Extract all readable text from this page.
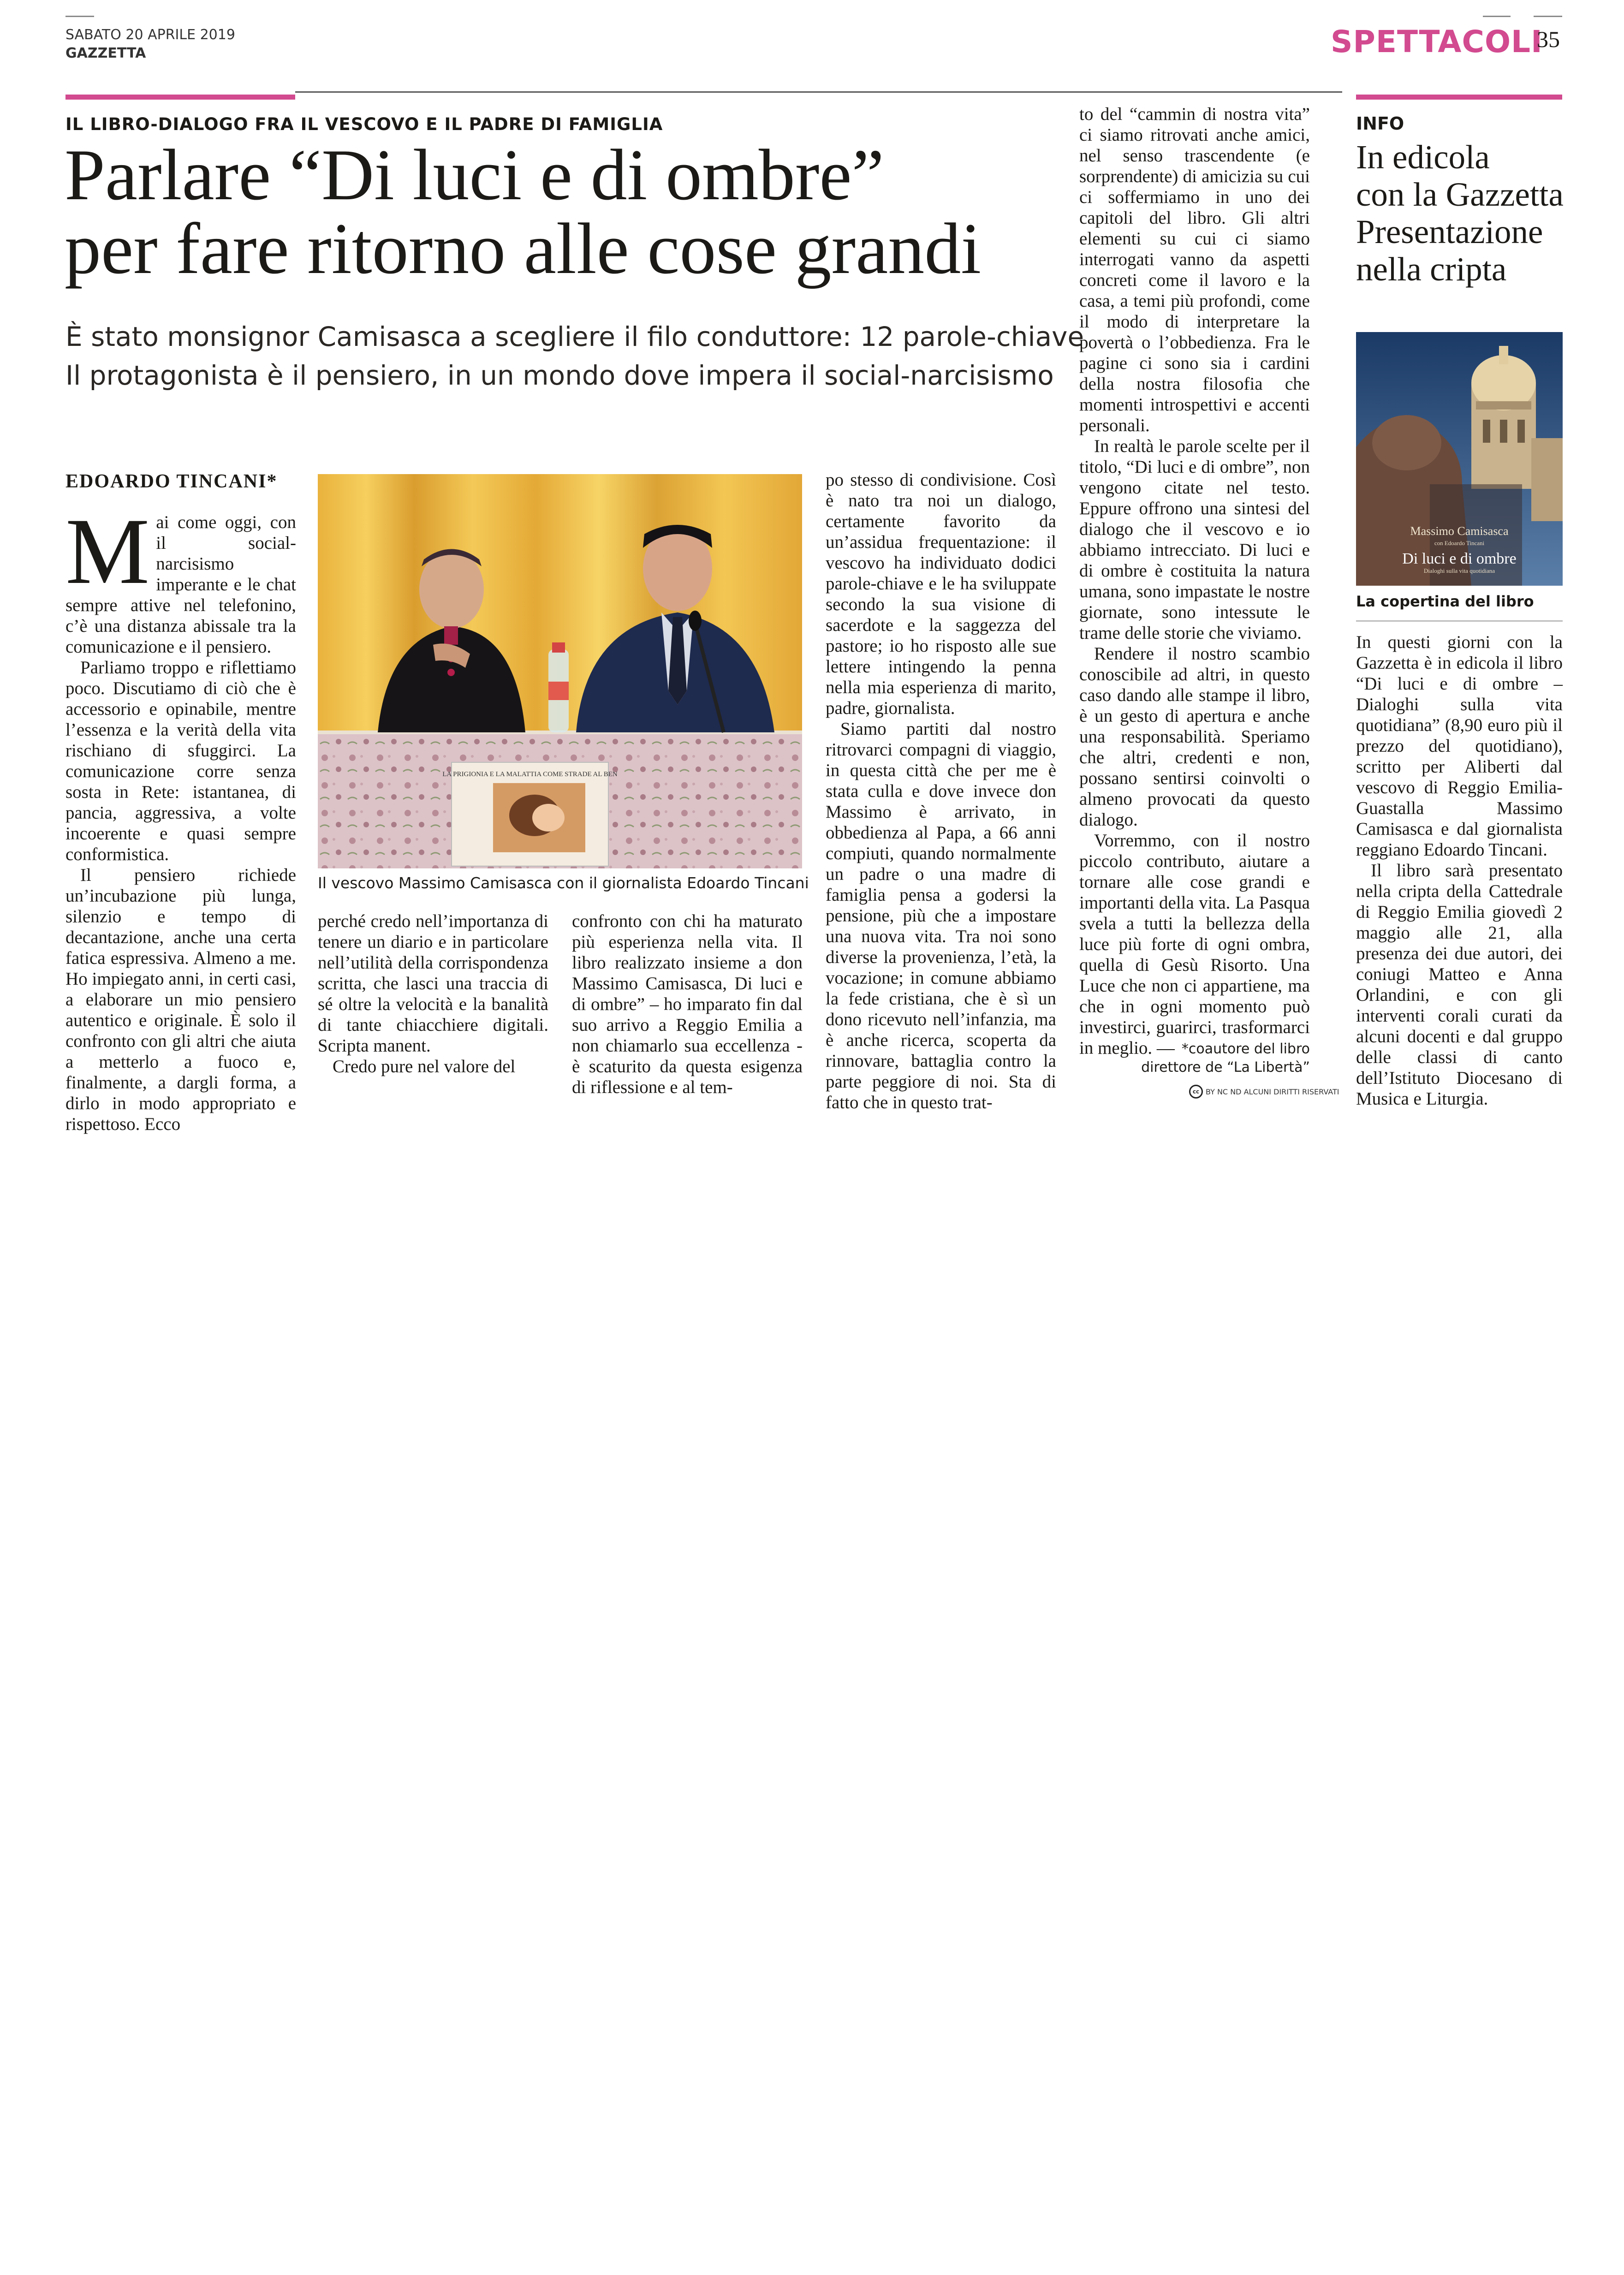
SABATO 20 APRILE 2019
GAZZETTA	SPETTACOLI
35
IL LIBRO-DIALOGO FRA IL VESCOVO E IL PADRE DI FAMIGLIA
Parlare “Di luci e di ombre”
per fare ritorno alle cose grandi
È stato monsignor Camisasca a scegliere il filo conduttore: 12 parole-chiave
Il protagonista è il pensiero, in un mondo dove impera il social-narcisismo
EDOARDO TINCANI*
LA PRIGIONIA E LA MALATTIA COME STRADE AL BEN
Il vescovo Massimo Camisasca con il giornalista Edoardo Tincani
M ai come oggi, con il social-narcisismo imperante e le chat sempre attive nel telefonino, c’è una distanza abissale tra la comunicazione e il pensiero.

Parliamo troppo e riflettiamo poco. Discutiamo di ciò che è accessorio e opinabile, mentre l’essenza e la verità della vita rischiano di sfuggirci. La comunicazione corre senza sosta in Rete: istantanea, di pancia, aggressiva, a volte incoerente e quasi sempre conformistica.

Il pensiero richiede un’incubazione più lunga, silenzio e tempo di decantazione, anche una certa fatica espressiva. Almeno a me. Ho impiegato anni, in certi casi, a elaborare un mio pensiero autentico e originale. È solo il confronto con gli altri che aiuta a metterlo a fuoco e, finalmente, a dargli forma, a dirlo in modo appropriato e rispettoso. Ecco

perché credo nell’importanza di tenere un diario e in particolare nell’utilità della corrispondenza scritta, che lasci una traccia di sé oltre la velocità e la banalità di tante chiacchiere digitali. Scripta manent.

Credo pure nel valore del

confronto con chi ha maturato più esperienza nella vita. Il libro realizzato insieme a don Massimo Camisasca, Di luci e di ombre” – ho imparato fin dal suo arrivo a Reggio Emilia a non chiamarlo sua eccellenza - è scaturito da questa esigenza di riflessione e al tem-

po stesso di condivisione. Così è nato tra noi un dialogo, certamente favorito da un’assidua frequentazione: il vescovo ha individuato dodici parole-chiave e le ha sviluppate secondo la sua visione di sacerdote e la saggezza del pastore; io ho risposto alle sue lettere intingendo la penna nella mia esperienza di marito, padre, giornalista.

Siamo partiti dal nostro ritrovarci compagni di viaggio, in questa città che per me è stata culla e dove invece don Massimo è arrivato, in obbedienza al Papa, a 66 anni compiuti, quando normalmente un padre o una madre di famiglia pensa a godersi la pensione, più che a impostare una nuova vita. Tra noi sono diverse la provenienza, l’età, la vocazione; in comune abbiamo la fede cristiana, che è sì un dono ricevuto nell’infanzia, ma è anche ricerca, scoperta da rinnovare, battaglia contro la parte peggiore di noi. Sta di fatto che in questo trat-

to del “cammin di nostra vita” ci siamo ritrovati anche amici, nel senso trascendente (e sorprendente) di amicizia su cui ci soffermiamo in uno dei capitoli del libro. Gli altri elementi su cui ci siamo interrogati vanno da aspetti concreti come il lavoro e la casa, a temi più profondi, come il modo di interpretare la povertà o l’obbedienza. Fra le pagine ci sono sia i cardini della nostra filosofia che momenti introspettivi e accenti personali.

In realtà le parole scelte per il titolo, “Di luci e di ombre”, non vengono citate nel testo. Eppure offrono una sintesi del dialogo che il vescovo e io abbiamo intrecciato. Di luci e di ombre è costituita la natura umana, sono impastate le nostre giornate, sono intessute le trame delle storie che viviamo.

Rendere il nostro scambio conoscibile ad altri, in questo caso dando alle stampe il libro, è un gesto di apertura e anche una responsabilità. Speriamo che altri, credenti e non, possano sentirsi coinvolti o almeno provocati da questo dialogo.

Vorremmo, con il nostro piccolo contributo, aiutare a tornare alle cose grandi e importanti della vita. La Pasqua svela a tutti la bellezza della luce più forte di ogni ombra, quella di Gesù Risorto. Una Luce che non ci appartiene, ma che in ogni momento può investirci, guarirci, trasformarci in meglio. — *coautore del libro
direttore de “La Libertà”
cc BY NC ND ALCUNI DIRITTI RISERVATI
INFO
In edicola
con la Gazzetta
Presentazione
nella cripta
Massimo Camisasca
con Edoardo Tincani
Di luci e di ombre
Dialoghi sulla vita quotidiana
La copertina del libro

In questi giorni con la Gazzetta è in edicola il libro “Di luci e di ombre – Dialoghi sulla vita quotidiana” (8,90 euro più il prezzo del quotidiano), scritto per Aliberti dal vescovo di Reggio Emilia-Guastalla Massimo Camisasca e dal giornalista reggiano Edoardo Tincani.

Il libro sarà presentato nella cripta della Cattedrale di Reggio Emilia giovedì 2 maggio alle 21, alla presenza dei due autori, dei coniugi Matteo e Anna Orlandini, e con gli interventi corali curati da alcuni docenti e dal gruppo delle classi di canto dell’Istituto Diocesano di Musica e Liturgia.
